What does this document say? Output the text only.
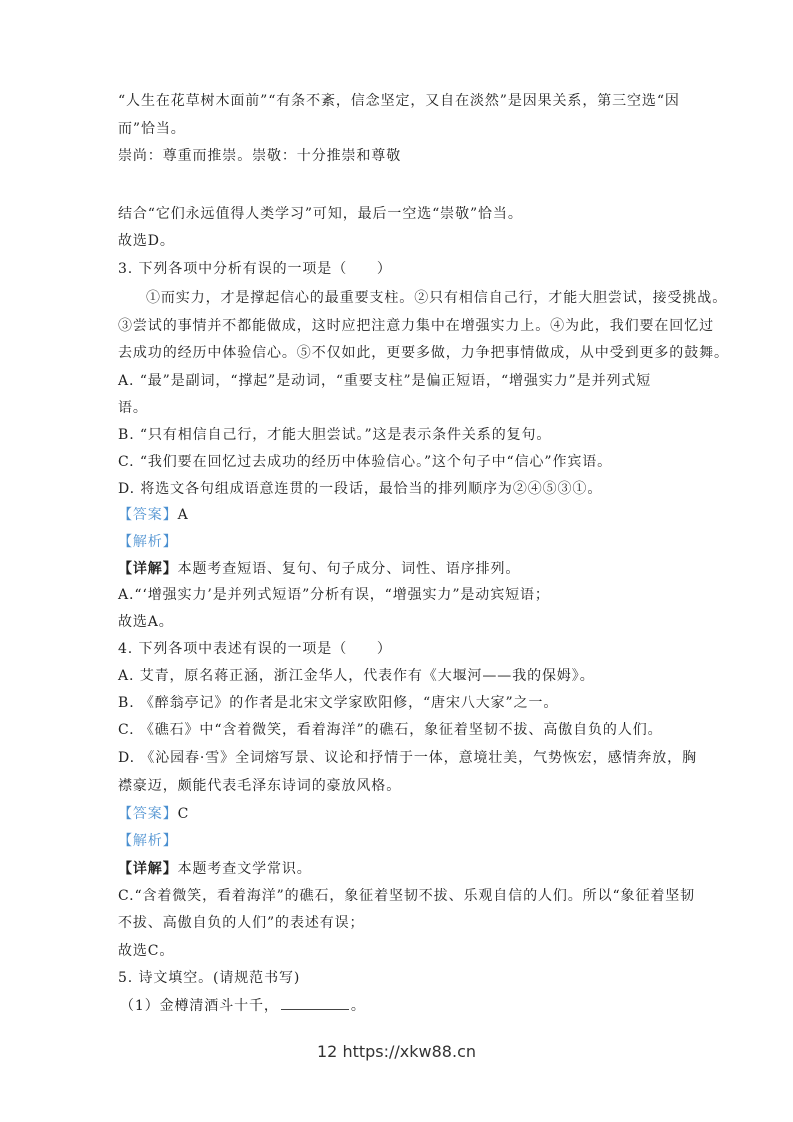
“人生在花草树木面前”“有条不紊，信念坚定，又自在淡然”是因果关系，第三空选“因
而”恰当。
崇尚：尊重而推崇。崇敬：十分推崇和尊敬
结合“它们永远值得人类学习”可知，最后一空选“崇敬”恰当。
故选D。
3. 下列各项中分析有误的一项是（　　）
①而实力，才是撑起信心的最重要支柱。②只有相信自己行，才能大胆尝试，接受挑战。
③尝试的事情并不都能做成，这时应把注意力集中在增强实力上。④为此，我们要在回忆过
去成功的经历中体验信心。⑤不仅如此，更要多做，力争把事情做成，从中受到更多的鼓舞。
A. “最”是副词，“撑起”是动词，“重要支柱”是偏正短语，“增强实力”是并列式短
语。
B. “只有相信自己行，才能大胆尝试。”这是表示条件关系的复句。
C. “我们要在回忆过去成功的经历中体验信心。”这个句子中“信心”作宾语。
D. 将选文各句组成语意连贯的一段话，最恰当的排列顺序为②④⑤③①。
【答案】A
【解析】
【详解】本题考查短语、复句、句子成分、词性、语序排列。
A.“‘增强实力’是并列式短语”分析有误，“增强实力”是动宾短语；
故选A。
4. 下列各项中表述有误的一项是（　　）
A. 艾青，原名蒋正涵，浙江金华人，代表作有《大堰河——我的保姆》。
B. 《醉翁亭记》的作者是北宋文学家欧阳修，“唐宋八大家”之一。
C. 《礁石》中“含着微笑，看着海洋”的礁石，象征着坚韧不拔、高傲自负的人们。
D. 《沁园春·雪》全词熔写景、议论和抒情于一体，意境壮美，气势恢宏，感情奔放，胸
襟豪迈，颇能代表毛泽东诗词的豪放风格。
【答案】C
【解析】
【详解】本题考查文学常识。
C.“含着微笑，看着海洋”的礁石，象征着坚韧不拔、乐观自信的人们。所以“象征着坚韧
不拔、高傲自负的人们”的表述有误；
故选C。
5. 诗文填空。(请规范书写)
（1）金樽清酒斗十千，	。
12 https://xkw88.cn
